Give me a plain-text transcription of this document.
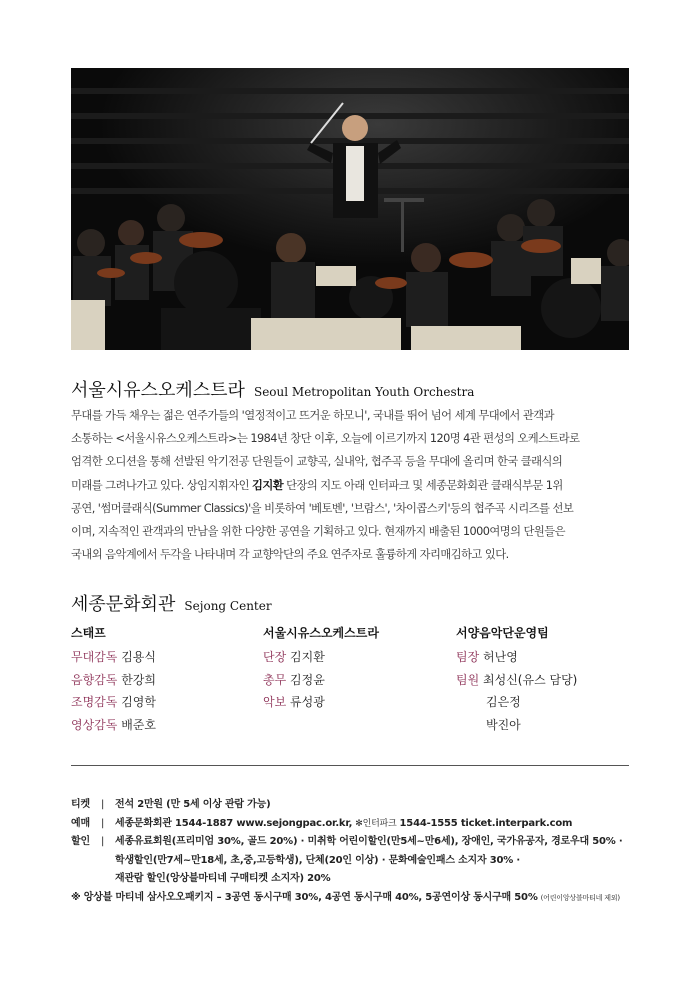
서울시유스오케스트라 Seoul Metropolitan Youth Orchestra

무대를 가득 채우는 젊은 연주가들의 '열정적이고 뜨거운 하모니', 국내를 뛰어 넘어 세계 무대에서 관객과

소통하는 <서울시유스오케스트라>는 1984년 창단 이후, 오늘에 이르기까지 120명 4관 편성의 오케스트라로

엄격한 오디션을 통해 선발된 악기전공 단원들이 교향곡, 실내악, 협주곡 등을 무대에 올리며 한국 클래식의

미래를 그려나가고 있다. 상임지휘자인 김지환 단장의 지도 아래 인터파크 및 세종문화회관 클래식부문 1위

공연, '썸머클래식(Summer Classics)'을 비롯하여 '베토벤', '브람스', '차이콥스키'등의 협주곡 시리즈를 선보

이며, 지속적인 관객과의 만남을 위한 다양한 공연을 기획하고 있다. 현재까지 배출된 1000여명의 단원들은

국내외 음악계에서 두각을 나타내며 각 교향악단의 주요 연주자로 훌륭하게 자리매김하고 있다.

세종문화회관 Sejong Center
스태프
무대감독 김용식
음향감독 한강희
조명감독 김영학
영상감독 배준호
서울시유스오케스트라
단장 김지환
총무 김정윤
악보 류성광
서양음악단운영팀
팀장 허난영
팀원 최성신(유스 담당)
김은정
박진아
티켓 | 전석 2만원 (만 5세 이상 관람 가능)
예매 | 세종문화회관 1544-1887 www.sejongpac.or.kr, ✻인터파크 1544-1555 ticket.interpark.com
할인 | 세종유료회원(프리미엄 30%, 골드 20%) · 미취학 어린이할인(만5세~만6세), 장애인, 국가유공자, 경로우대 50% ·
학생할인(만7세~만18세, 초,중,고등학생), 단체(20인 이상) · 문화예술인패스 소지자 30% ·
재관람 할인(앙상블마티네 구매티켓 소지자) 20%
※ 앙상블 마티네 삼사오오패키지 – 3공연 동시구매 30%, 4공연 동시구매 40%, 5공연이상 동시구매 50% (어린이앙상블마티네 제외)
